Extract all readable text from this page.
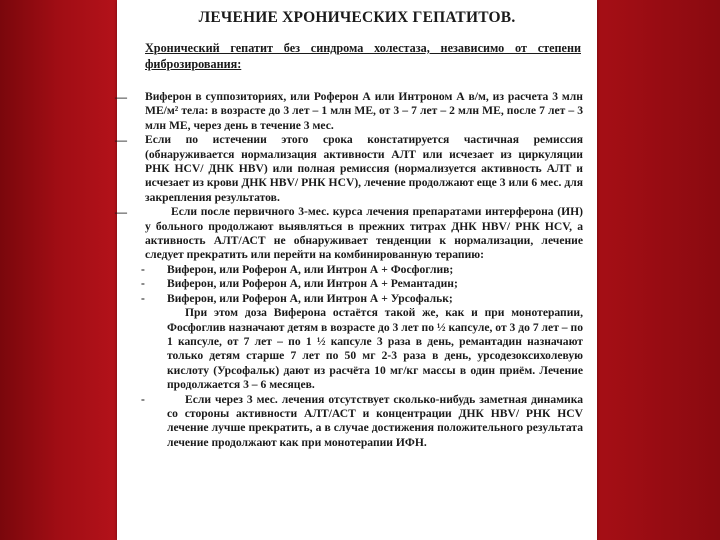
ЛЕЧЕНИЕ ХРОНИЧЕСКИХ ГЕПАТИТОВ.
Хронический гепатит без синдрома холестаза, независимо от степени фиброзирования:
—	Виферон в суппозиториях, или Роферон А или Интроном А в/м, из расчета 3 млн МЕ/м² тела: в возрасте до 3 лет – 1 млн МЕ, от 3 – 7 лет – 2 млн МЕ, после 7 лет – 3 млн МЕ, через день в течение 3 мес.

—	Если по истечении этого срока констатируется частичная ремиссия (обнаруживается нормализация активности АЛТ или исчезает из циркуляции РНК HCV/ ДНК HBV) или полная ремиссия (нормализуется активность АЛТ и исчезает из крови ДНК HBV/ РНК HCV), лечение продолжают еще 3 или 6 мес. для закрепления результатов.

—	Если после первичного 3-мес. курса лечения препаратами интерферона (ИН) у больного продолжают выявляться в прежних титрах ДНК HBV/ РНК HCV, а активность АЛТ/АСТ не обнаруживает тенденции к нормализации, лечение следует прекратить или перейти на комбинированную терапию:

- Виферон, или Роферон А, или Интрон А + Фосфоглив;

- Виферон, или Роферон А, или Интрон А + Ремантадин;

- Виферон, или Роферон А, или Интрон А + Урсофальк;

При этом доза Виферона остаётся такой же, как и при монотерапии, Фосфоглив назначают детям в возрасте до 3 лет по ½ капсуле, от 3 до 7 лет – по 1 капсуле, от 7 лет – по 1 ½ капсуле 3 раза в день, ремантадин назначают только детям старше 7 лет по 50 мг 2-3 раза в день, урсодезоксихолевую кислоту (Урсофальк) дают из расчёта 10 мг/кг массы в один приём. Лечение продолжается 3 – 6 месяцев.

-	Если через 3 мес. лечения отсутствует сколько-нибудь заметная динамика со стороны активности АЛТ/АСТ и концентрации ДНК HBV/ РНК HCV лечение лучше прекратить, а в случае достижения положительного результата лечение продолжают как при монотерапии ИФН.
